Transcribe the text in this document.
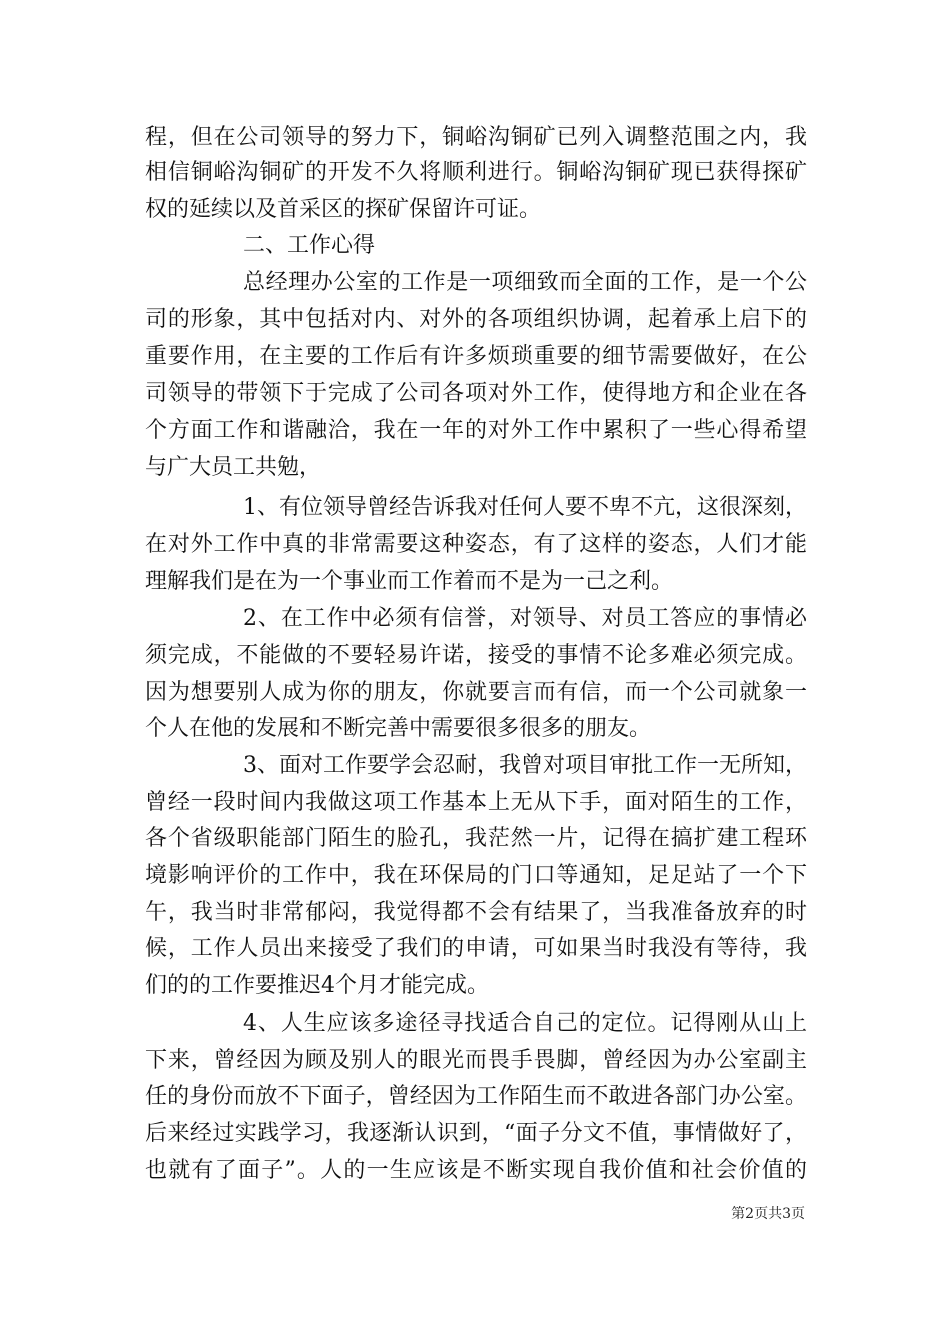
程，但在公司领导的努力下，铜峪沟铜矿已列入调整范围之内，我
相信铜峪沟铜矿的开发不久将顺利进行。铜峪沟铜矿现已获得探矿
权的延续以及首采区的探矿保留许可证。
二、工作心得
总经理办公室的工作是一项细致而全面的工作，是一个公
司的形象，其中包括对内、对外的各项组织协调，起着承上启下的
重要作用，在主要的工作后有许多烦琐重要的细节需要做好，在公
司领导的带领下于完成了公司各项对外工作，使得地方和企业在各
个方面工作和谐融洽，我在一年的对外工作中累积了一些心得希望
与广大员工共勉，
1、有位领导曾经告诉我对任何人要不卑不亢，这很深刻，
在对外工作中真的非常需要这种姿态，有了这样的姿态，人们才能
理解我们是在为一个事业而工作着而不是为一己之利。
2、在工作中必须有信誉，对领导、对员工答应的事情必
须完成，不能做的不要轻易许诺，接受的事情不论多难必须完成。
因为想要别人成为你的朋友，你就要言而有信，而一个公司就象一
个人在他的发展和不断完善中需要很多很多的朋友。
3、面对工作要学会忍耐，我曾对项目审批工作一无所知，
曾经一段时间内我做这项工作基本上无从下手，面对陌生的工作，
各个省级职能部门陌生的脸孔，我茫然一片，记得在搞扩建工程环
境影响评价的工作中，我在环保局的门口等通知，足足站了一个下
午，我当时非常郁闷，我觉得都不会有结果了，当我准备放弃的时
候，工作人员出来接受了我们的申请，可如果当时我没有等待，我
们的的工作要推迟4个月才能完成。
4、人生应该多途径寻找适合自己的定位。记得刚从山上
下来，曾经因为顾及别人的眼光而畏手畏脚，曾经因为办公室副主
任的身份而放不下面子，曾经因为工作陌生而不敢进各部门办公室。
后来经过实践学习，我逐渐认识到，“面子分文不值，事情做好了，
也就有了面子”。人的一生应该是不断实现自我价值和社会价值的
第2页共3页
